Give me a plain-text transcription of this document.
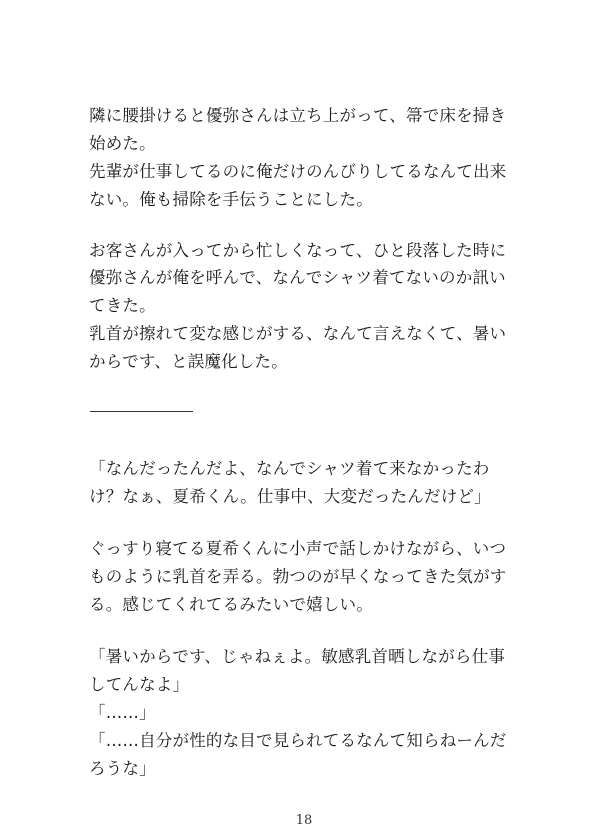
隣に腰掛けると優弥さんは立ち上がって、箒で床を掃き
始めた。
先輩が仕事してるのに俺だけのんびりしてるなんて出来
ない。俺も掃除を手伝うことにした。
お客さんが入ってから忙しくなって、ひと段落した時に
優弥さんが俺を呼んで、なんでシャツ着てないのか訊い
てきた。
乳首が擦れて変な感じがする、なんて言えなくて、暑い
からです、と誤魔化した。
「なんだったんだよ、なんでシャツ着て来なかったわ
け？なぁ、夏希くん。仕事中、大変だったんだけど」
ぐっすり寝てる夏希くんに小声で話しかけながら、いつ
ものように乳首を弄る。勃つのが早くなってきた気がす
る。感じてくれてるみたいで嬉しい。
「暑いからです、じゃねぇよ。敏感乳首晒しながら仕事
してんなよ」
「……」
「……自分が性的な目で見られてるなんて知らねーんだ
ろうな」
18
